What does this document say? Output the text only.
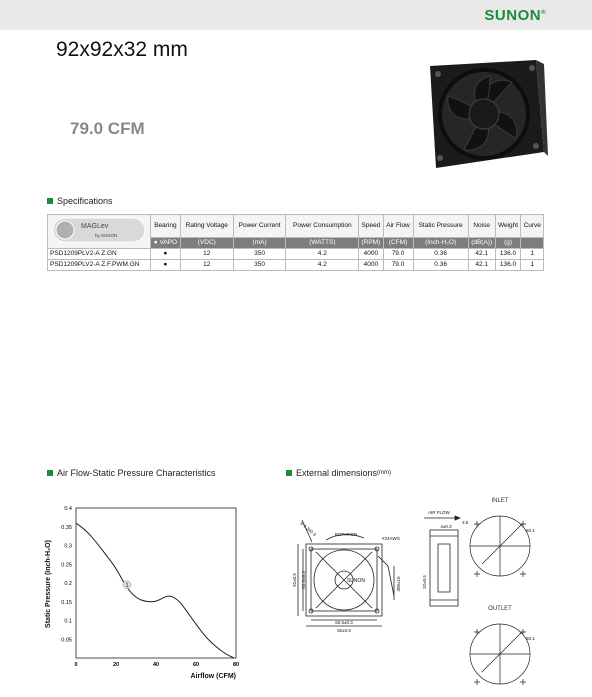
SUNON®
92x92x32 mm
79.0 CFM
Specifications
MAGLev
by SUNON	Bearing	Rating Voltage	Power Current	Power Consumption	Speed	Air Flow	Static Pressure	Noise	Weight	Curve
	● VAPO	(VDC)	(mA)	(WATTS)	(RPM)	(CFM)	(Inch-H₂O)	(dB(A))	(g)	
PSD1209PLV2-A Z.GN	●	12	350	4.2	4000	79.0	0.36	42.1	136.0	1
PSD1209PLV2-A Z.F.PWM.GN	●	12	350	4.2	4000	79.0	0.36	42.1	136.0	1
Air Flow-Static Pressure Characteristics	External dimensions (mm)
0.05
0.1
0.15
0.2
0.25
0.3
0.35
0.4
0	20	40	60	80
1
Static Pressure (Inch-H₂O)
Airflow (CFM)
SUNON
ROTATION
8-4.3±0.3
#24AWG
82.5±0.3
92±0.5
92±0.5 82.5±0.3	300±10
AIR FLOW
4±0.3
3.5
32±0.5
INLET
60.1
OUTLET
60.1
